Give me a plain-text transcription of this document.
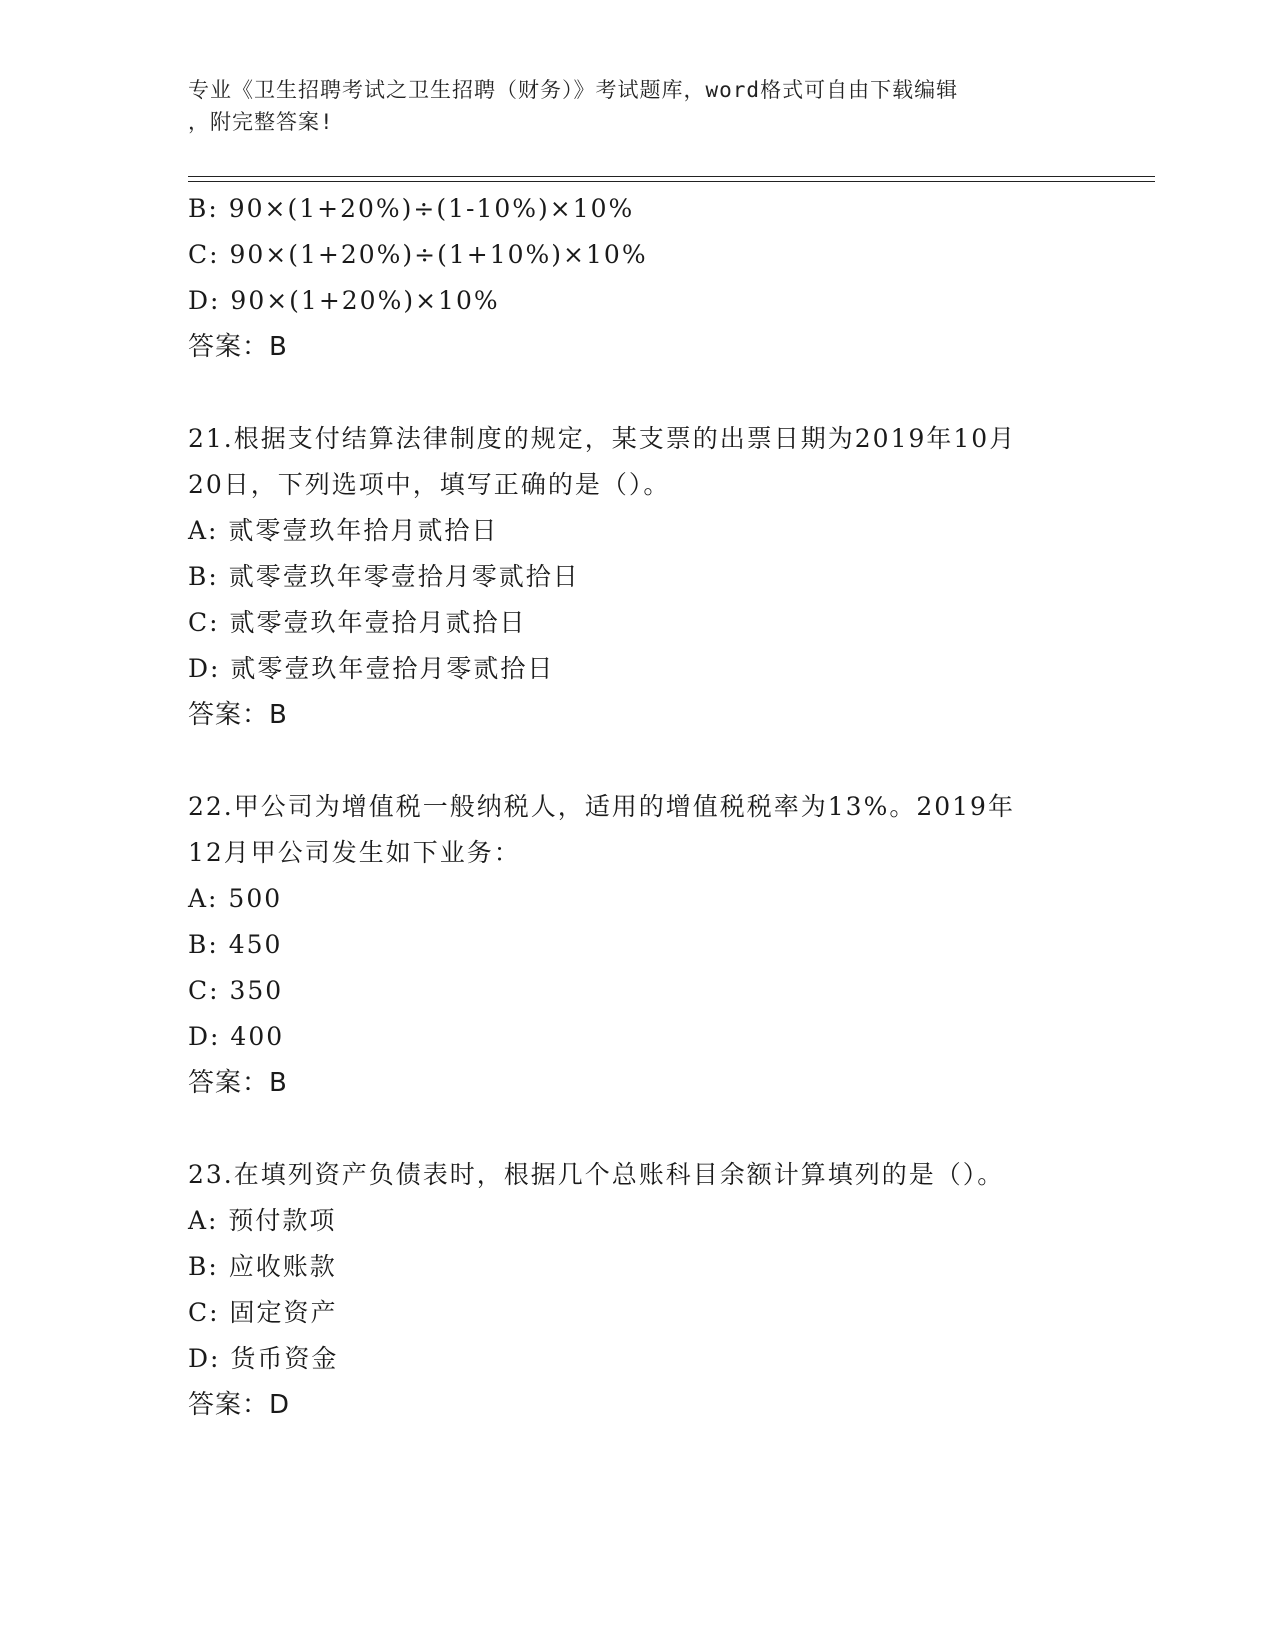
专业《卫生招聘考试之卫生招聘（财务）》考试题库，word格式可自由下载编辑

，附完整答案!

B: 90×(1+20%)÷(1-10%)×10%

C: 90×(1+20%)÷(1+10%)×10%

D: 90×(1+20%)×10%

答案：B

21.根据支付结算法律制度的规定，某支票的出票日期为2019年10月

20日，下列选项中，填写正确的是（）。

A: 贰零壹玖年拾月贰拾日

B: 贰零壹玖年零壹拾月零贰拾日

C: 贰零壹玖年壹拾月贰拾日

D: 贰零壹玖年壹拾月零贰拾日

答案：B

22.甲公司为增值税一般纳税人，适用的增值税税率为13%。2019年

12月甲公司发生如下业务：

A: 500

B: 450

C: 350

D: 400

答案：B

23.在填列资产负债表时，根据几个总账科目余额计算填列的是（）。

A: 预付款项

B: 应收账款

C: 固定资产

D: 货币资金

答案：D
